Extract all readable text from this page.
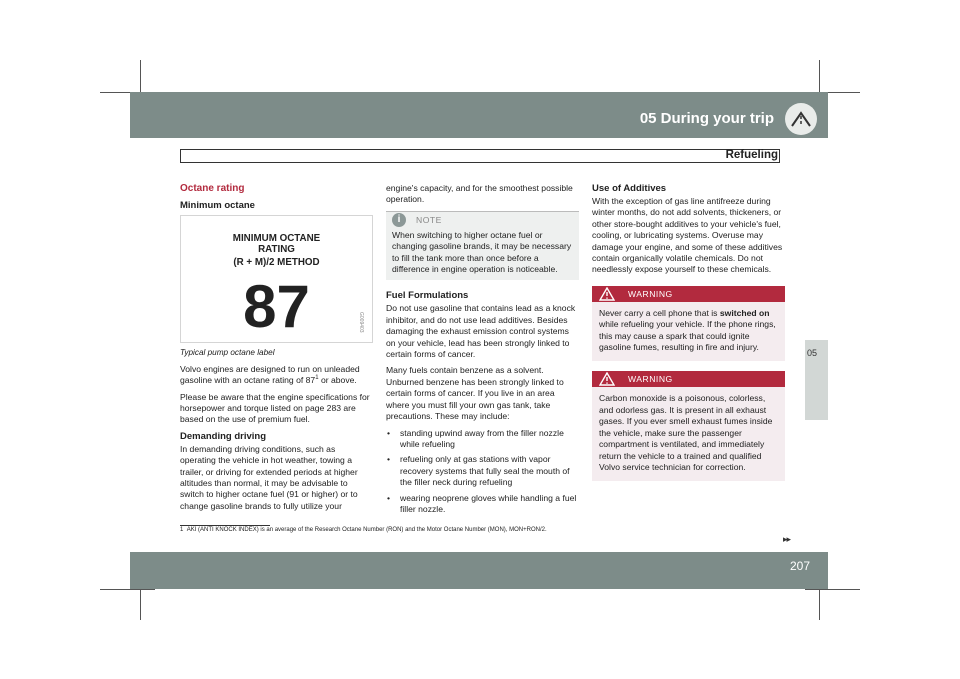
05 During your trip
Refueling
05
Octane rating
Minimum octane
MINIMUM OCTANE
RATING
(R + M)/2 METHOD
87	G009403

Typical pump octane label

Volvo engines are designed to run on unleaded gasoline with an octane rating of $87^1$ or above.

Please be aware that the engine specifications for horsepower and torque listed on page 283 are based on the use of premium fuel.

Demanding driving

In demanding driving conditions, such as operating the vehicle in hot weather, towing a trailer, or driving for extended periods at higher altitudes than normal, it may be advisable to switch to higher octane fuel (91 or higher) or to change gasoline brands to fully utilize your

engine's capacity, and for the smoothest possible operation.

i	NOTE
When switching to higher octane fuel or changing gasoline brands, it may be necessary to fill the tank more than once before a difference in engine operation is noticeable.
Fuel Formulations

Do not use gasoline that contains lead as a knock inhibitor, and do not use lead additives. Besides damaging the exhaust emission control systems on your vehicle, lead has been strongly linked to certain forms of cancer.

Many fuels contain benzene as a solvent. Unburned benzene has been strongly linked to certain forms of cancer. If you live in an area where you must fill your own gas tank, take precautions. These may include:

• standing upwind away from the filler nozzle while refueling
• refueling only at gas stations with vapor recovery systems that fully seal the mouth of the filler neck during refueling
• wearing neoprene gloves while handling a fuel filler nozzle.
Use of Additives

With the exception of gas line antifreeze during winter months, do not add solvents, thickeners, or other store-bought additives to your vehicle's fuel, cooling, or lubricating systems. Overuse may damage your engine, and some of these additives contain organically volatile chemicals. Do not needlessly expose yourself to these chemicals.

WARNING
Never carry a cell phone that is switched on while refueling your vehicle. If the phone rings, this may cause a spark that could ignite gasoline fumes, resulting in fire and injury.
WARNING
Carbon monoxide is a poisonous, colorless, and odorless gas. It is present in all exhaust gases. If you ever smell exhaust fumes inside the vehicle, make sure the passenger compartment is ventilated, and immediately return the vehicle to a trained and qualified Volvo service technician for correction.
1 AKI (ANTI KNOCK INDEX) is an average of the Research Octane Number (RON) and the Motor Octane Number (MON), MON+RON/2.
▸▸
207
